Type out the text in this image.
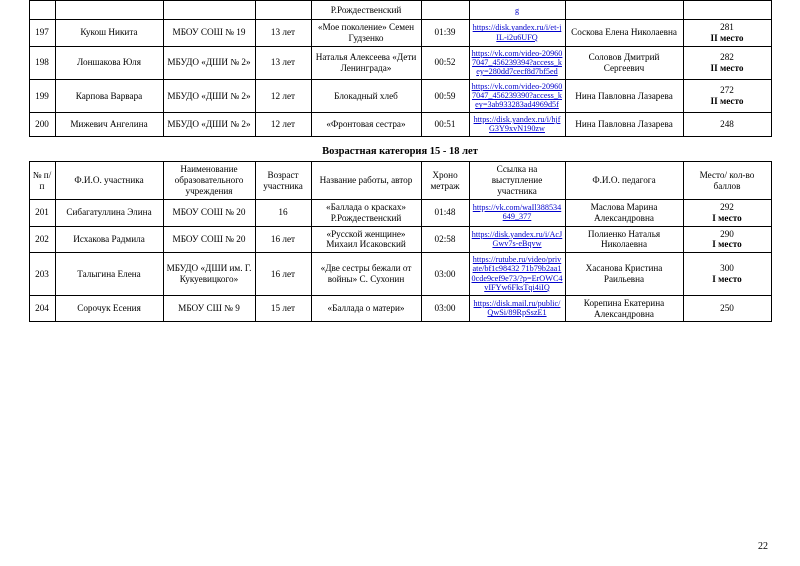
				Р.Рождественский		g		
197	Кукош Никита	МБОУ СОШ № 19	13 лет	«Мое поколение» Семен Гудзенко	01:39	https://disk.yandex.ru/i/et-jIL-i2u6UFQ	Соскова Елена Николаевна	281
II место

198	Лоншакова Юля	МБУДО «ДШИ № 2»	13 лет	Наталья Алексеева «Дети Ленинграда»	00:52	https://vk.com/video-209607047_456239394?access_key=280dd7cecf8d7bf5ed	Соловов Дмитрий Сергеевич	282
II место

199	Карпова Варвара	МБУДО «ДШИ № 2»	12 лет	Блокадный хлеб	00:59	https://vk.com/video-209607047_456239390?access_key=3ab933283ad4969d5f	Нина Павловна Лазарева	272
II место

200	Мижевич Ангелина	МБУДО «ДШИ № 2»	12 лет	«Фронтовая сестра»	00:51	https://disk.yandex.ru/i/hjfG3Y9xvN190zw	Нина Павловна Лазарева	248
Возрастная категория 15 - 18 лет
№ п/п	Ф.И.О. участника	Наименование образовательного учреждения	Возраст участника	Название работы, автор	Хроно метраж	Ссылка на выступление участника	Ф.И.О. педагога	Место/ кол-во баллов
201	Сибагатуллина Элина	МБОУ СОШ № 20	16	«Баллада о красках» Р.Рождественский	01:48	https://vk.com/waIl388534649_377	Маслова Марина Александровна	292
I место

202	Исхакова Радмила	МБОУ СОШ № 20	16 лет	«Русской женщине» Михаил Исаковский	02:58	https://disk.yandex.ru/i/AcJGwv7s-eBqvw	Полиенко Наталья Николаевна	290
I место

203	Талыгина Елена	МБУДО «ДШИ им. Г. Кукуевицкого»	16 лет	«Две сестры бежали от войны» С. Сухонин	03:00	https://rutube.ru/video/private/bf1c98432 71b79b2aa10cde9cef9e73/?p=ErOWC4vIFYw6FksTqi4iIQ	Хасанова Кристина Раильевна	300
I место

204	Сорочук Есения	МБОУ СШ № 9	15 лет	«Баллада о матери»	03:00	https://disk.mail.ru/public/QwSi/89RpSszE1	Корепина Екатерина Александровна	250
22
